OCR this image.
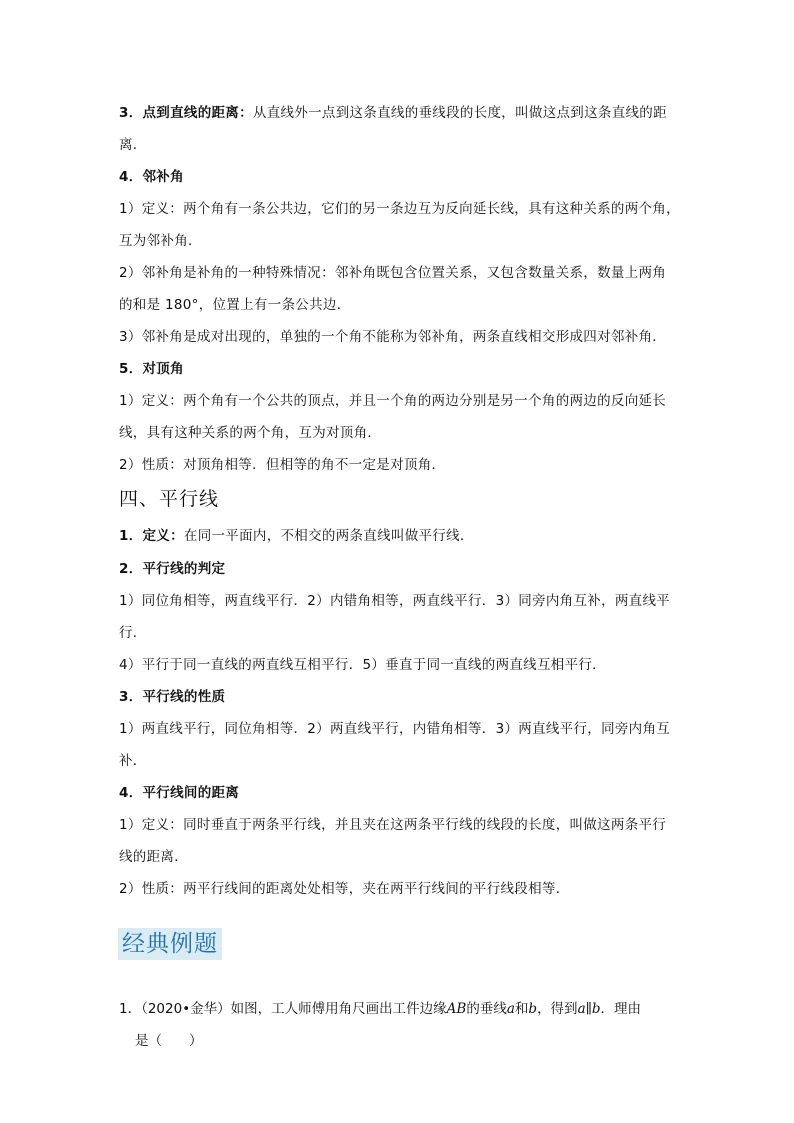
3．点到直线的距离：从直线外一点到这条直线的垂线段的长度，叫做这点到这条直线的距
离．
4．邻补角
1）定义：两个角有一条公共边，它们的另一条边互为反向延长线，具有这种关系的两个角，
互为邻补角．
2）邻补角是补角的一种特殊情况：邻补角既包含位置关系，又包含数量关系，数量上两角
的和是 180°，位置上有一条公共边．
3）邻补角是成对出现的，单独的一个角不能称为邻补角，两条直线相交形成四对邻补角．
5．对顶角
1）定义：两个角有一个公共的顶点，并且一个角的两边分别是另一个角的两边的反向延长
线，具有这种关系的两个角，互为对顶角．
2）性质：对顶角相等．但相等的角不一定是对顶角．
四、平行线
1．定义：在同一平面内，不相交的两条直线叫做平行线．
2．平行线的判定
1）同位角相等，两直线平行．2）内错角相等，两直线平行．3）同旁内角互补，两直线平
行．
4）平行于同一直线的两直线互相平行．5）垂直于同一直线的两直线互相平行．
3．平行线的性质
1）两直线平行，同位角相等．2）两直线平行，内错角相等．3）两直线平行，同旁内角互
补．
4．平行线间的距离
1）定义：同时垂直于两条平行线，并且夹在这两条平行线的线段的长度，叫做这两条平行
线的距离．
2）性质：两平行线间的距离处处相等，夹在两平行线间的平行线段相等．
经典例题
1．（2020•金华）如图，工人师傅用角尺画出工件边缘AB的垂线a和b，得到a∥b．理由
是（　　）
